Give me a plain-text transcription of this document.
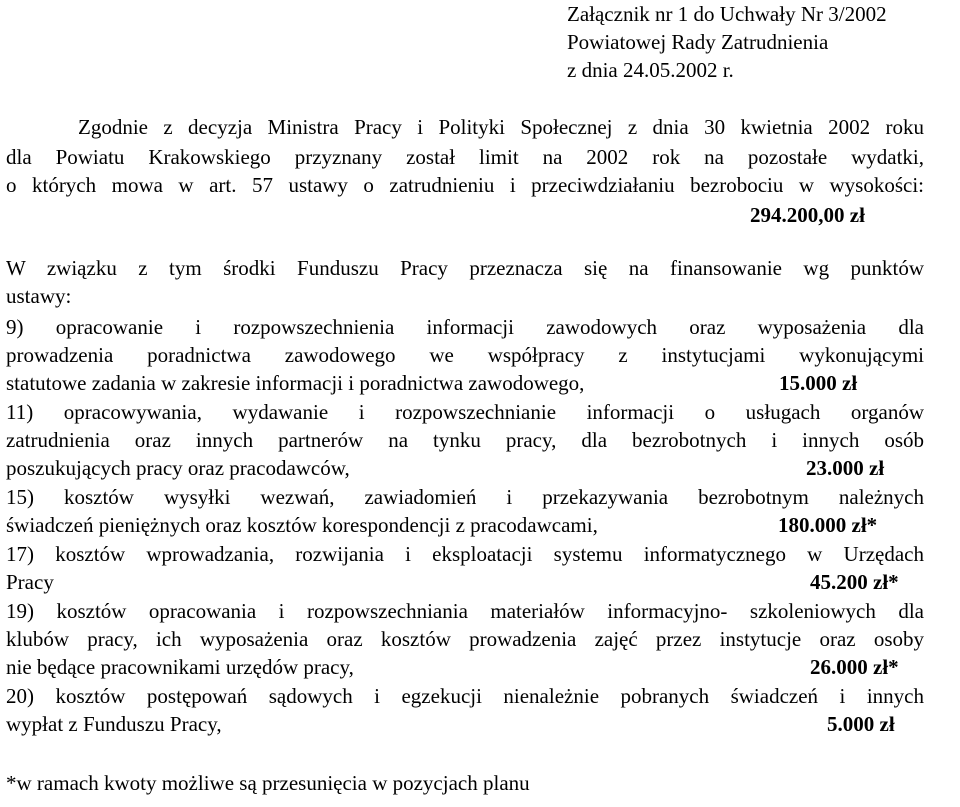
Załącznik nr 1 do Uchwały Nr 3/2002
Powiatowej Rady Zatrudnienia
z dnia 24.05.2002 r.
Zgodnie z decyzja Ministra Pracy i Polityki Społecznej z dnia 30 kwietnia 2002 roku
dla Powiatu Krakowskiego przyznany został limit na 2002 rok na pozostałe wydatki,
o których mowa w art. 57 ustawy o zatrudnieniu i przeciwdziałaniu bezrobociu w wysokości:
294.200,00 zł
W związku z tym środki Funduszu Pracy przeznacza się na finansowanie wg punktów
ustawy:
9) opracowanie i rozpowszechnienia informacji zawodowych oraz wyposażenia dla
prowadzenia poradnictwa zawodowego we współpracy z instytucjami wykonującymi
statutowe zadania w zakresie informacji i poradnictwa zawodowego,	15.000 zł
11) opracowywania, wydawanie i rozpowszechnianie informacji o usługach organów
zatrudnienia oraz innych partnerów na tynku pracy, dla bezrobotnych i innych osób
poszukujących pracy oraz pracodawców,	23.000 zł
15) kosztów wysyłki wezwań, zawiadomień i przekazywania bezrobotnym należnych
świadczeń pieniężnych oraz kosztów korespondencji z pracodawcami,	180.000 zł*
17) kosztów wprowadzania, rozwijania i eksploatacji systemu informatycznego w Urzędach
Pracy	45.200 zł*
19) kosztów opracowania i rozpowszechniania materiałów informacyjno- szkoleniowych dla
klubów pracy, ich wyposażenia oraz kosztów prowadzenia zajęć przez instytucje oraz osoby
nie będące pracownikami urzędów pracy,	26.000 zł*
20) kosztów postępowań sądowych i egzekucji nienależnie pobranych świadczeń i innych
wypłat z Funduszu Pracy,	5.000 zł
*w ramach kwoty możliwe są przesunięcia w pozycjach planu
